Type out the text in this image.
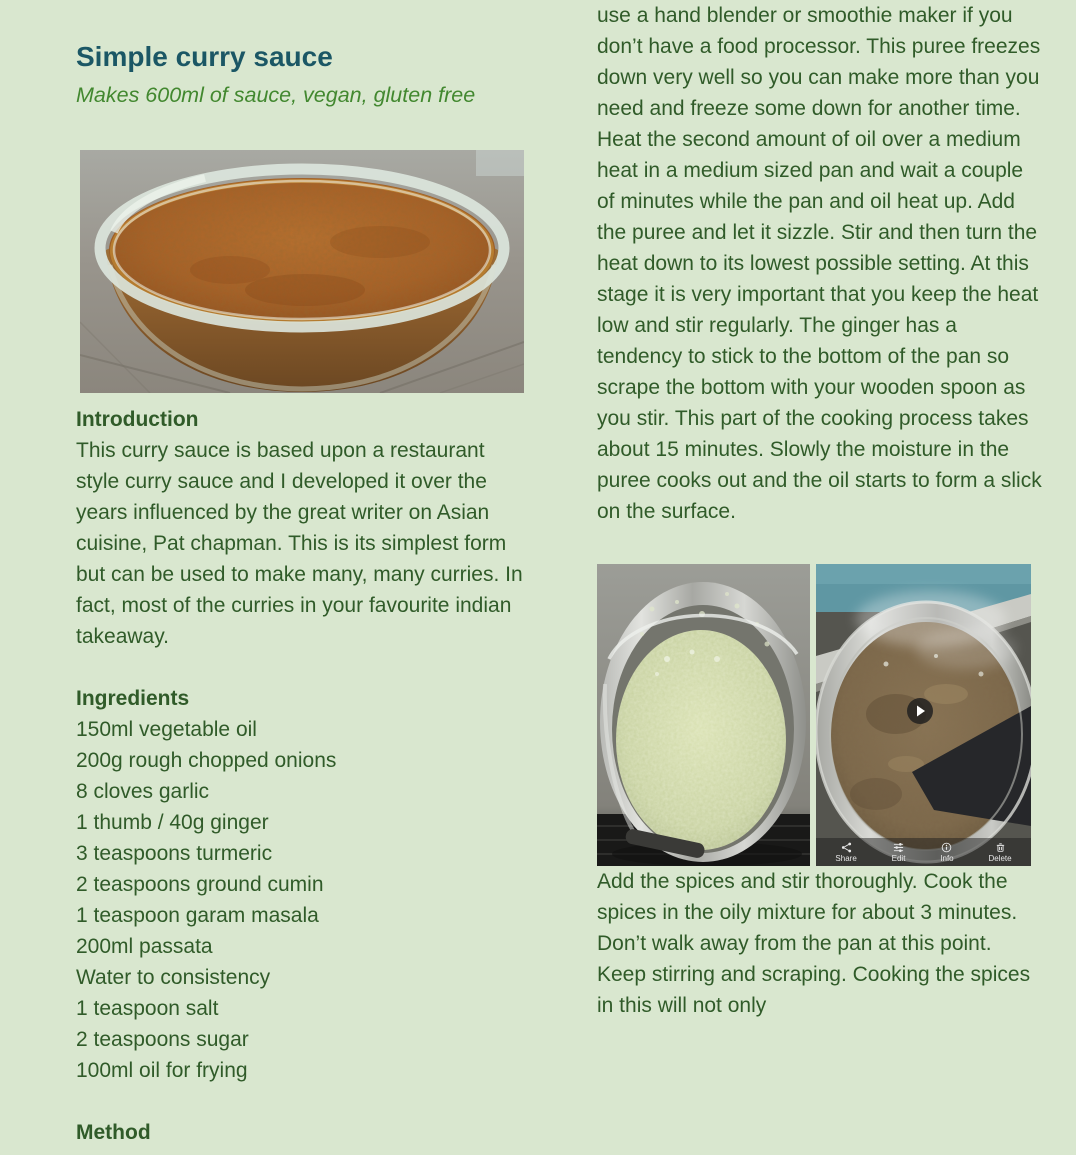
Simple curry sauce

Makes 600ml of sauce, vegan, gluten free

Introduction

This curry sauce is based upon a restaurant style curry sauce and I developed it over the years influenced by the great writer on Asian cuisine, Pat chapman. This is its simplest form but can be used to make many, many curries. In fact, most of the curries in your favourite indian takeaway.

Ingredients
150ml vegetable oil
200g rough chopped onions
8 cloves garlic
1 thumb / 40g ginger
3 teaspoons turmeric
2 teaspoons ground cumin
1 teaspoon garam masala
200ml passata
Water to consistency
1 teaspoon salt
2 teaspoons sugar
100ml oil for frying
Method

use a hand blender or smoothie maker if you don’t have a food processor. This puree freezes down very well so you can make more than you need and freeze some down for another time.

Heat the second amount of oil over a medium heat in a medium sized pan and wait a couple of minutes while the pan and oil heat up. Add the puree and let it sizzle. Stir and then turn the heat down to its lowest possible setting. At this stage it is very important that you keep the heat low and stir regularly. The ginger has a tendency to stick to the bottom of the pan so scrape the bottom with your wooden spoon as you stir. This part of the cooking process takes about 15 minutes. Slowly the moisture in the puree cooks out and the oil starts to form a slick on the surface.

Share	Edit	Info	Delete

Add the spices and stir thoroughly. Cook the spices in the oily mixture for about 3 minutes. Don’t walk away from the pan at this point. Keep stirring and scraping. Cooking the spices in this will not only
